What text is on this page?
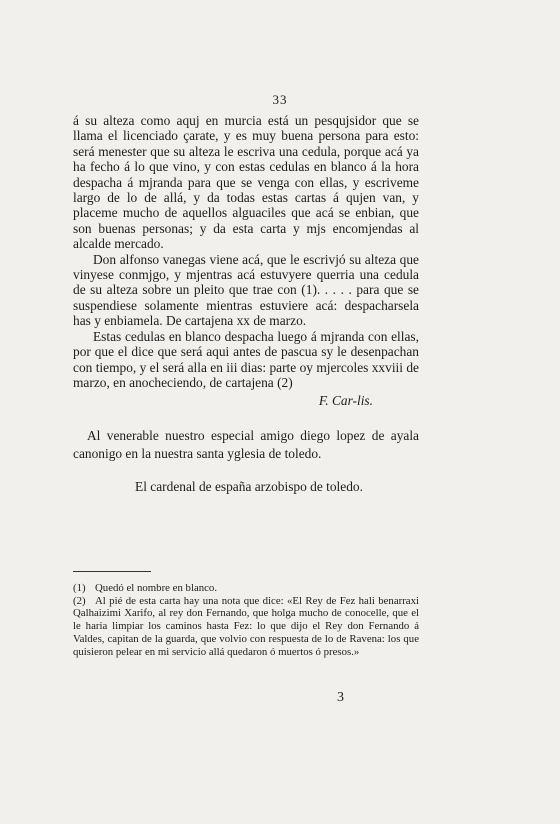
33

á su alteza como aquj en murcia está un pesqujsidor que se llama el licenciado çarate, y es muy buena persona para esto: será menester que su alteza le escriva una cedula, porque acá ya ha fecho á lo que vino, y con estas cedulas en blanco á la hora despacha á mjranda para que se venga con ellas, y escriveme largo de lo de allá, y da todas estas cartas á qujen van, y placeme mucho de aquellos alguaciles que acá se enbian, que son buenas personas; y da esta carta y mjs encomjendas al alcalde mercado.

Don alfonso vanegas viene acá, que le escrivjó su alteza que vinyese conmjgo, y mjentras acá estuvyere querria una cedula de su alteza sobre un pleito que trae con (1). . . . . para que se suspendiese solamente mientras estuviere acá: despacharsela has y enbiamela. De cartajena xx de marzo.

Estas cedulas en blanco despacha luego á mjranda con ellas, por que el dice que será aqui antes de pascua sy le desenpachan con tiempo, y el será alla en iii dias: parte oy mjercoles xxviii de marzo, en anocheciendo, de cartajena (2)

F. Car-lis.

Al venerable nuestro especial amigo diego lopez de ayala canonigo en la nuestra santa yglesia de toledo.

El cardenal de españa arzobispo de toledo.

(1) Quedó el nombre en blanco.

(2) Al pié de esta carta hay una nota que dice: «El Rey de Fez hali benarraxi Qalhaizimi Xarifo, al rey don Fernando, que holga mucho de conocelle, que el le haria limpiar los caminos hasta Fez: lo que dijo el Rey don Fernando á Valdes, capitan de la guarda, que volvio con respuesta de lo de Ravena: los que quisieron pelear en mi servicio allá quedaron ó muertos ó presos.»

3
